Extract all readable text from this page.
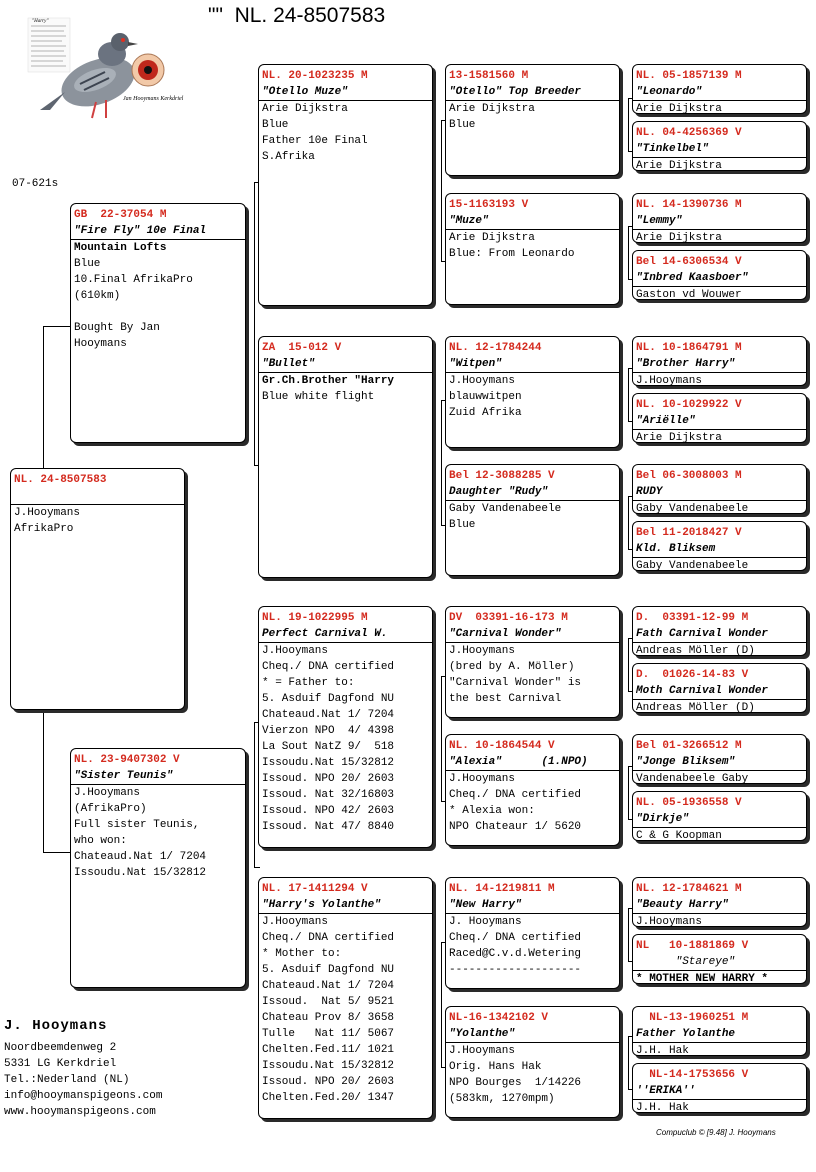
""  NL. 24-8507583
Jan Hooymans Kerkdriel
"Harry"
07-621s
NL. 24-8507583
J.Hooymans
AfrikaPro
GB  22-37054 M
"Fire Fly" 10e Final
Mountain Lofts
Blue
10.Final AfrikaPro
(610km)
Bought By Jan
Hooymans
NL. 23-9407302 V
"Sister Teunis"
J.Hooymans
(AfrikaPro)
Full sister Teunis,
who won:
Chateaud.Nat 1/ 7204
Issoudu.Nat 15/32812
NL. 20-1023235 M
"Otello Muze"
Arie Dijkstra
Blue
Father 10e Final
S.Afrika
ZA  15-012 V
"Bullet"
Gr.Ch.Brother "Harry
Blue white flight
NL. 19-1022995 M
Perfect Carnival W.
J.Hooymans
Cheq./ DNA certified
* = Father to:
5. Asduif Dagfond NU
Chateaud.Nat 1/ 7204
Vierzon NPO  4/ 4398
La Sout NatZ 9/  518
Issoudu.Nat 15/32812
Issoud. NPO 20/ 2603
Issoud. Nat 32/16803
Issoud. NPO 42/ 2603
Issoud. Nat 47/ 8840
NL. 17-1411294 V
"Harry's Yolanthe"
J.Hooymans
Cheq./ DNA certified
* Mother to:
5. Asduif Dagfond NU
Chateaud.Nat 1/ 7204
Issoud.  Nat 5/ 9521
Chateau Prov 8/ 3658
Tulle   Nat 11/ 5067
Chelten.Fed.11/ 1021
Issoudu.Nat 15/32812
Issoud. NPO 20/ 2603
Chelten.Fed.20/ 1347
13-1581560 M
"Otello" Top Breeder
Arie Dijkstra
Blue
15-1163193 V
"Muze"
Arie Dijkstra
Blue: From Leonardo
NL. 12-1784244
"Witpen"
J.Hooymans
blauwwitpen
Zuid Afrika
Bel 12-3088285 V
Daughter "Rudy"
Gaby Vandenabeele
Blue
DV  03391-16-173 M
"Carnival Wonder"
J.Hooymans
(bred by A. Möller)
"Carnival Wonder" is
the best Carnival
NL. 10-1864544 V
"Alexia"      (1.NPO)
J.Hooymans
Cheq./ DNA certified
* Alexia won:
NPO Chateaur 1/ 5620
NL. 14-1219811 M
"New Harry"
J. Hooymans
Cheq./ DNA certified
Raced@C.v.d.Wetering
--------------------
NL-16-1342102 V
"Yolanthe"
J.Hooymans
Orig. Hans Hak
NPO Bourges  1/14226
(583km, 1270mpm)
NL. 05-1857139 M
"Leonardo"
Arie Dijkstra
NL. 04-4256369 V
"Tinkelbel"
Arie Dijkstra
NL. 14-1390736 M
"Lemmy"
Arie Dijkstra
Bel 14-6306534 V
"Inbred Kaasboer"
Gaston vd Wouwer
NL. 10-1864791 M
"Brother Harry"
J.Hooymans
NL. 10-1029922 V
"Ariëlle"
Arie Dijkstra
Bel 06-3008003 M
RUDY
Gaby Vandenabeele
Bel 11-2018427 V
Kld. Bliksem
Gaby Vandenabeele
D.  03391-12-99 M
Fath Carnival Wonder
Andreas Möller (D)
D.  01026-14-83 V
Moth Carnival Wonder
Andreas Möller (D)
Bel 01-3266512 M
"Jonge Bliksem"
Vandenabeele Gaby
NL. 05-1936558 V
"Dirkje"
C & G Koopman
NL. 12-1784621 M
"Beauty Harry"
J.Hooymans
NL   10-1881869 V
"Stareye"
* MOTHER NEW HARRY *
NL-13-1960251 M
Father Yolanthe
J.H. Hak
NL-14-1753656 V
''ERIKA''
J.H. Hak
J. Hooymans
Noordbeemdenweg 2
5331 LG Kerkdriel
Tel.:Nederland (NL)
info@hooymanspigeons.com
www.hooymanspigeons.com
Compuclub © [9.48] J. Hooymans
